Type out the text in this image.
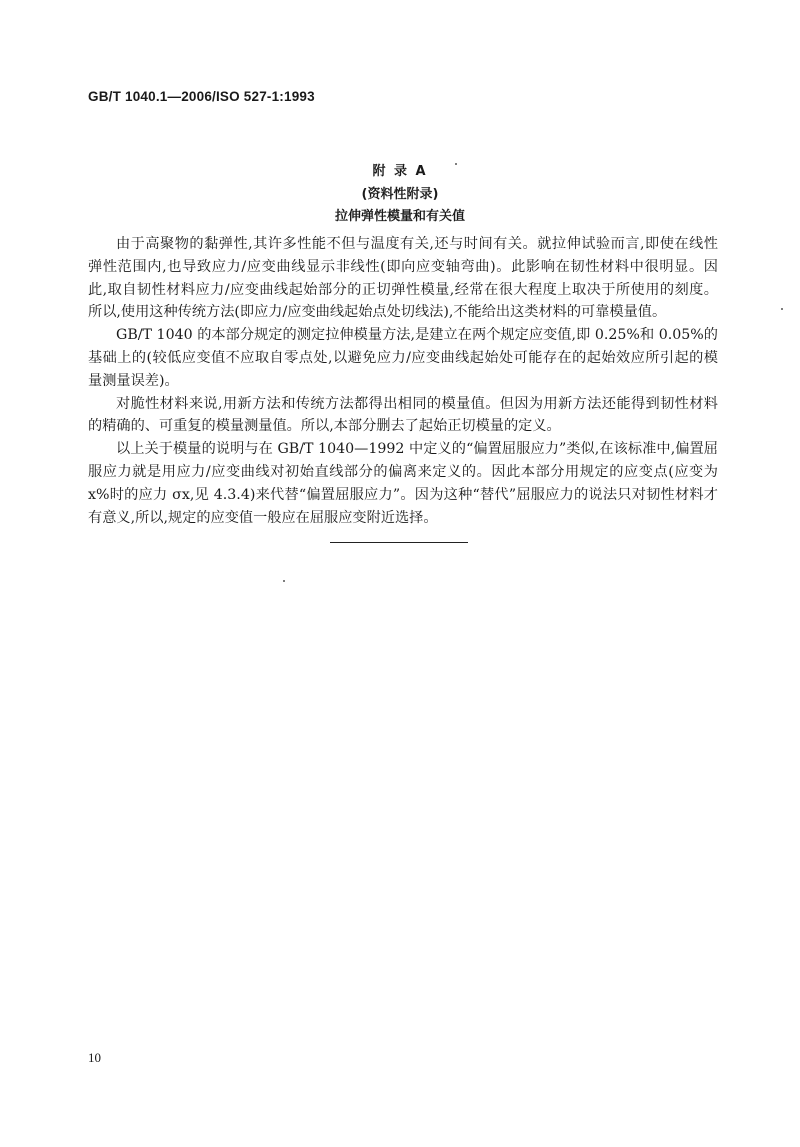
GB/T 1040.1—2006/ISO 527-1:1993
附 录 A
(资料性附录)
拉伸弹性模量和有关值
由于高聚物的黏弹性,其许多性能不但与温度有关,还与时间有关。就拉伸试验而言,即使在线性
弹性范围内,也导致应力/应变曲线显示非线性(即向应变轴弯曲)。此影响在韧性材料中很明显。因
此,取自韧性材料应力/应变曲线起始部分的正切弹性模量,经常在很大程度上取决于所使用的刻度。
所以,使用这种传统方法(即应力/应变曲线起始点处切线法),不能给出这类材料的可靠模量值。
GB/T 1040 的本部分规定的测定拉伸模量方法,是建立在两个规定应变值,即 0.25%和 0.05%的
基础上的(较低应变值不应取自零点处,以避免应力/应变曲线起始处可能存在的起始效应所引起的模
量测量误差)。
对脆性材料来说,用新方法和传统方法都得出相同的模量值。但因为用新方法还能得到韧性材料
的精确的、可重复的模量测量值。所以,本部分删去了起始正切模量的定义。
以上关于模量的说明与在 GB/T 1040—1992 中定义的“偏置屈服应力”类似,在该标准中,偏置屈
服应力就是用应力/应变曲线对初始直线部分的偏离来定义的。因此本部分用规定的应变点(应变为
x%时的应力 σx,见 4.3.4)来代替“偏置屈服应力”。因为这种“替代”屈服应力的说法只对韧性材料才
有意义,所以,规定的应变值一般应在屈服应变附近选择。
10
